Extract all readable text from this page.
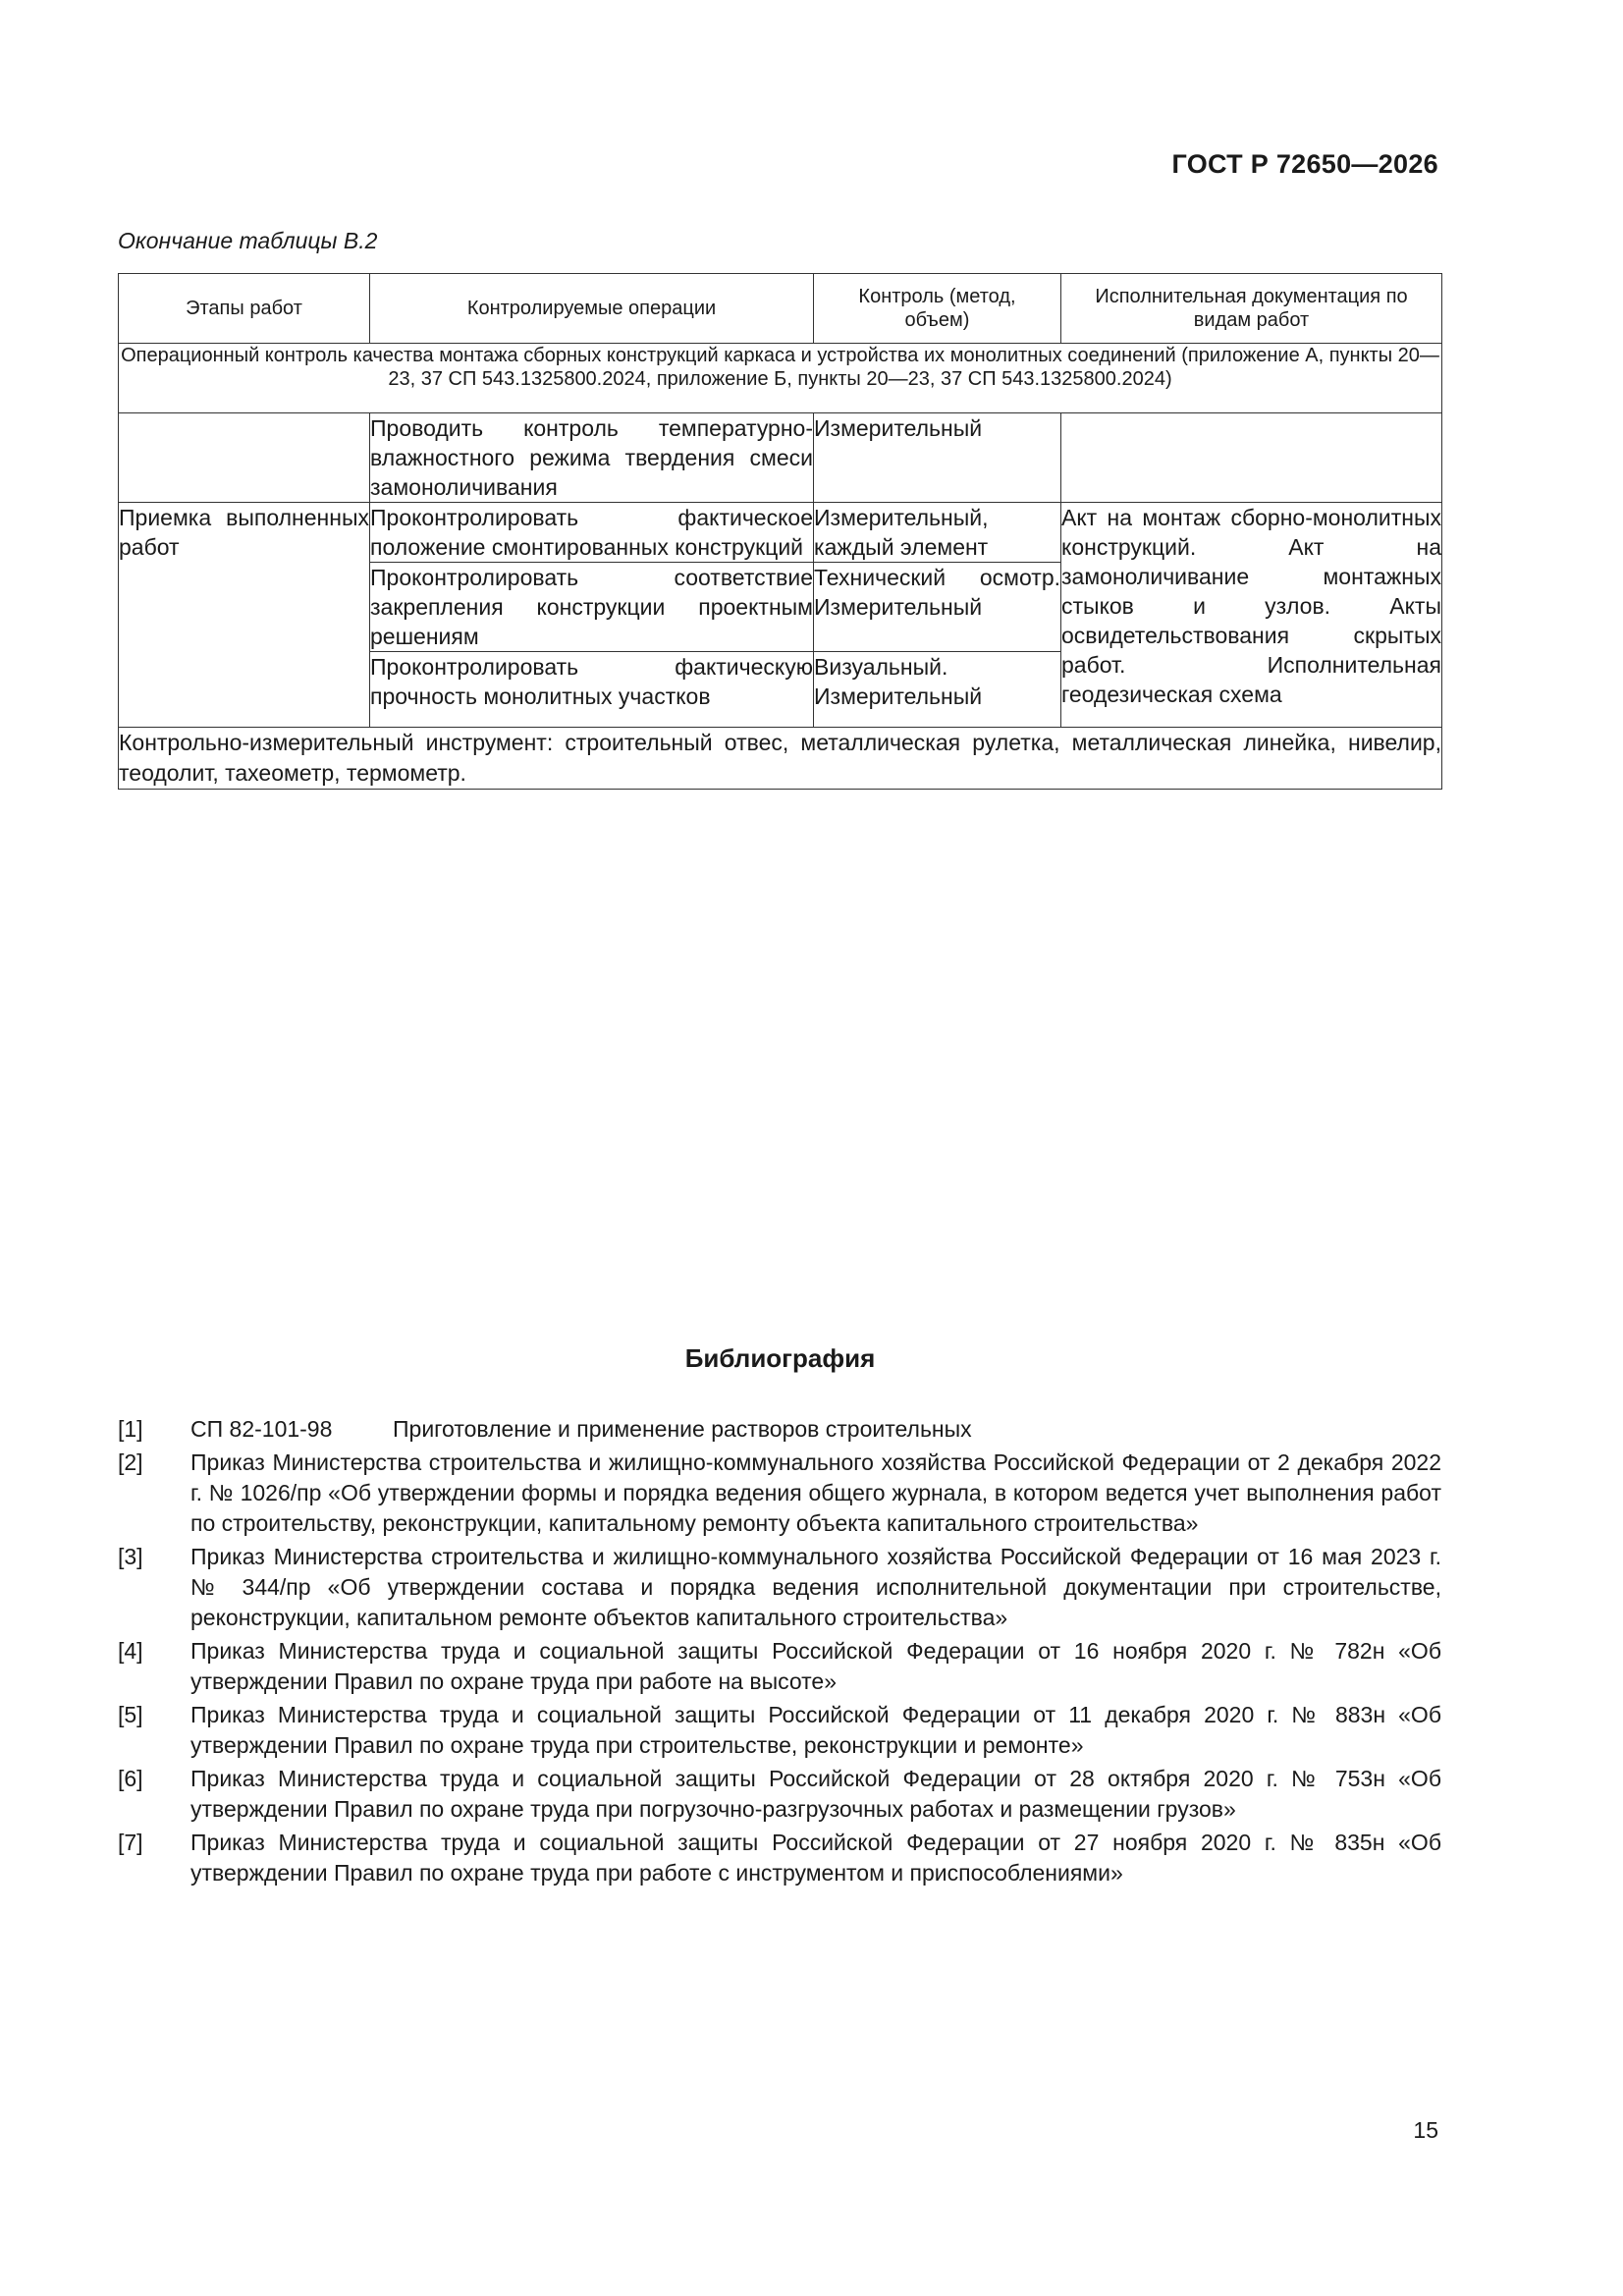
ГОСТ Р 72650—2026
Окончание таблицы В.2
Этапы работ	Контролируемые операции	Контроль (метод, объем)	Исполнительная документация по видам работ
Операционный контроль качества монтажа сборных конструкций каркаса и устройства их монолитных соединений (приложение А, пункты 20—23, 37 СП 543.1325800.2024, приложение Б, пункты 20—23, 37 СП 543.1325800.2024)			
	Проводить контроль температурно-влажностного режима твердения смеси замоноличивания	Измерительный	
Приемка выполненных работ	Проконтролировать фактическое положение смонтированных конструкций	Измерительный, каждый элемент	Акт на монтаж сборно-монолитных конструкций. Акт на замоноличивание монтажных стыков и узлов. Акты освидетельствования скрытых работ. Исполнительная геодезическая схема
	Проконтролировать соответствие закрепления конструкции проектным решениям	Технический осмотр. Измерительный	
	Проконтролировать фактическую прочность монолитных участков	Визуальный. Измерительный	
Контрольно-измерительный инструмент: строительный отвес, металлическая рулетка, металлическая линейка, нивелир, теодолит, тахеометр, термометр.			
Библиография
[1]	СП 82-101-98	Приготовление и применение растворов строительных
[2]	Приказ Министерства строительства и жилищно-коммунального хозяйства Российской Федерации от 2 декабря 2022 г. № 1026/пр «Об утверждении формы и порядка ведения общего журнала, в котором ведется учет выполнения работ по строительству, реконструкции, капитальному ремонту объекта капитального строительства»
[3]	Приказ Министерства строительства и жилищно-коммунального хозяйства Российской Федерации от 16 мая 2023 г. № 344/пр «Об утверждении состава и порядка ведения исполнительной документации при строительстве, реконструкции, капитальном ремонте объектов капитального строительства»
[4]	Приказ Министерства труда и социальной защиты Российской Федерации от 16 ноября 2020 г. № 782н «Об утверждении Правил по охране труда при работе на высоте»
[5]	Приказ Министерства труда и социальной защиты Российской Федерации от 11 декабря 2020 г. № 883н «Об утверждении Правил по охране труда при строительстве, реконструкции и ремонте»
[6]	Приказ Министерства труда и социальной защиты Российской Федерации от 28 октября 2020 г. № 753н «Об утверждении Правил по охране труда при погрузочно-разгрузочных работах и размещении грузов»
[7]	Приказ Министерства труда и социальной защиты Российской Федерации от 27 ноября 2020 г. № 835н «Об утверждении Правил по охране труда при работе с инструментом и приспособлениями»
15
